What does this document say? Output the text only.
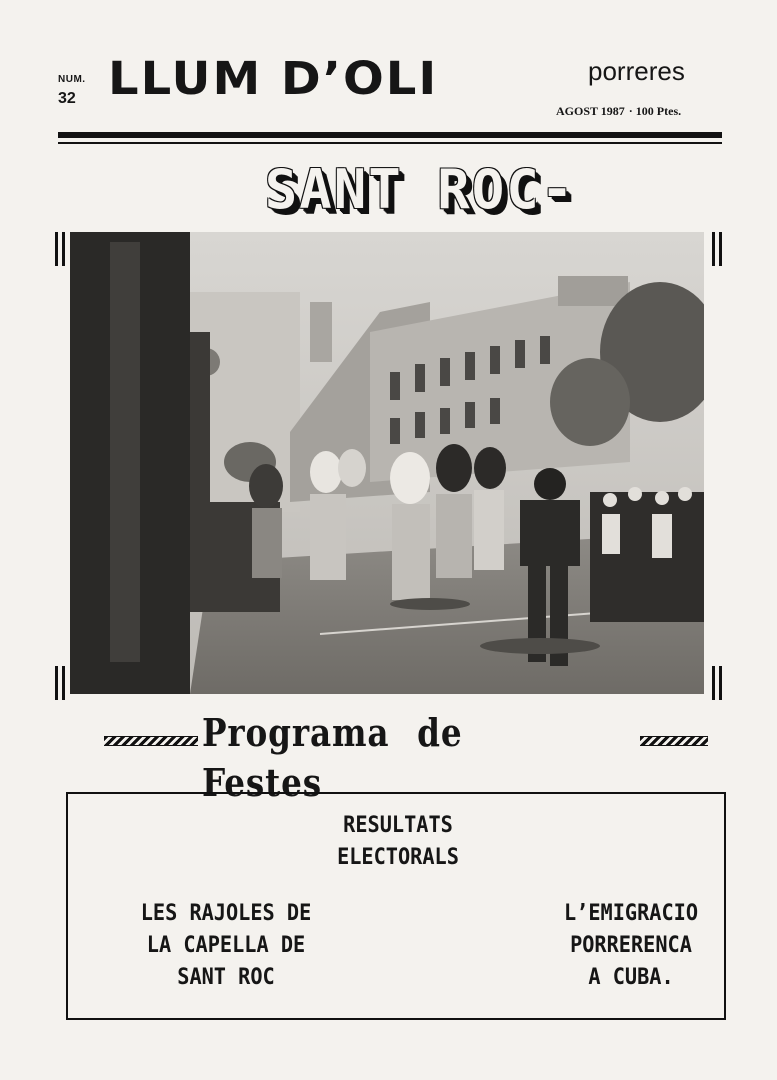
NUM.
32 LLUM D’OLI	porreres
AGOST 1987 · 100 Ptes.
SANT ROC-
Programa de Festes
RESULTATS
ELECTORALS
LES RAJOLES DE
LA CAPELLA DE
SANT ROC
L’EMIGRACIO
PORRERENCA
A CUBA.
